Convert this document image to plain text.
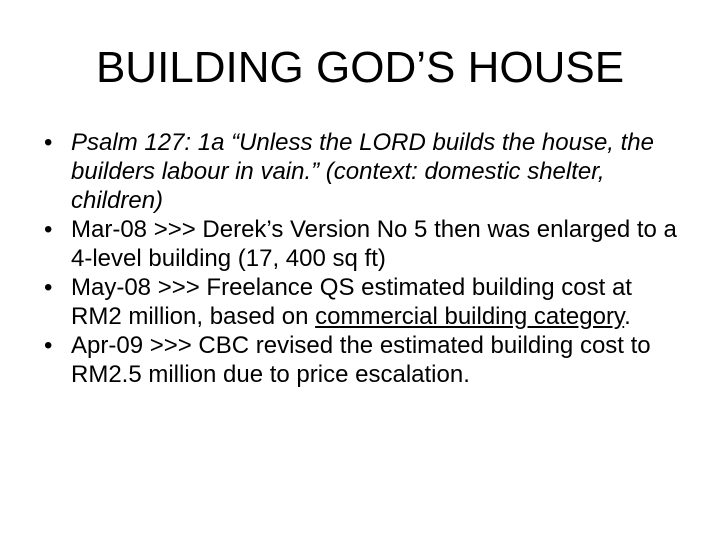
BUILDING GOD’S HOUSE
• Psalm 127: 1a “Unless the LORD builds the house, the builders labour in vain.” (context: domestic shelter, children)
• Mar-08 >>> Derek’s Version No 5 then was enlarged to a 4-level building (17, 400 sq ft)
• May-08 >>> Freelance QS estimated building cost at RM2 million, based on commercial building category.
• Apr-09 >>> CBC revised the estimated building cost to RM2.5 million due to price escalation.
